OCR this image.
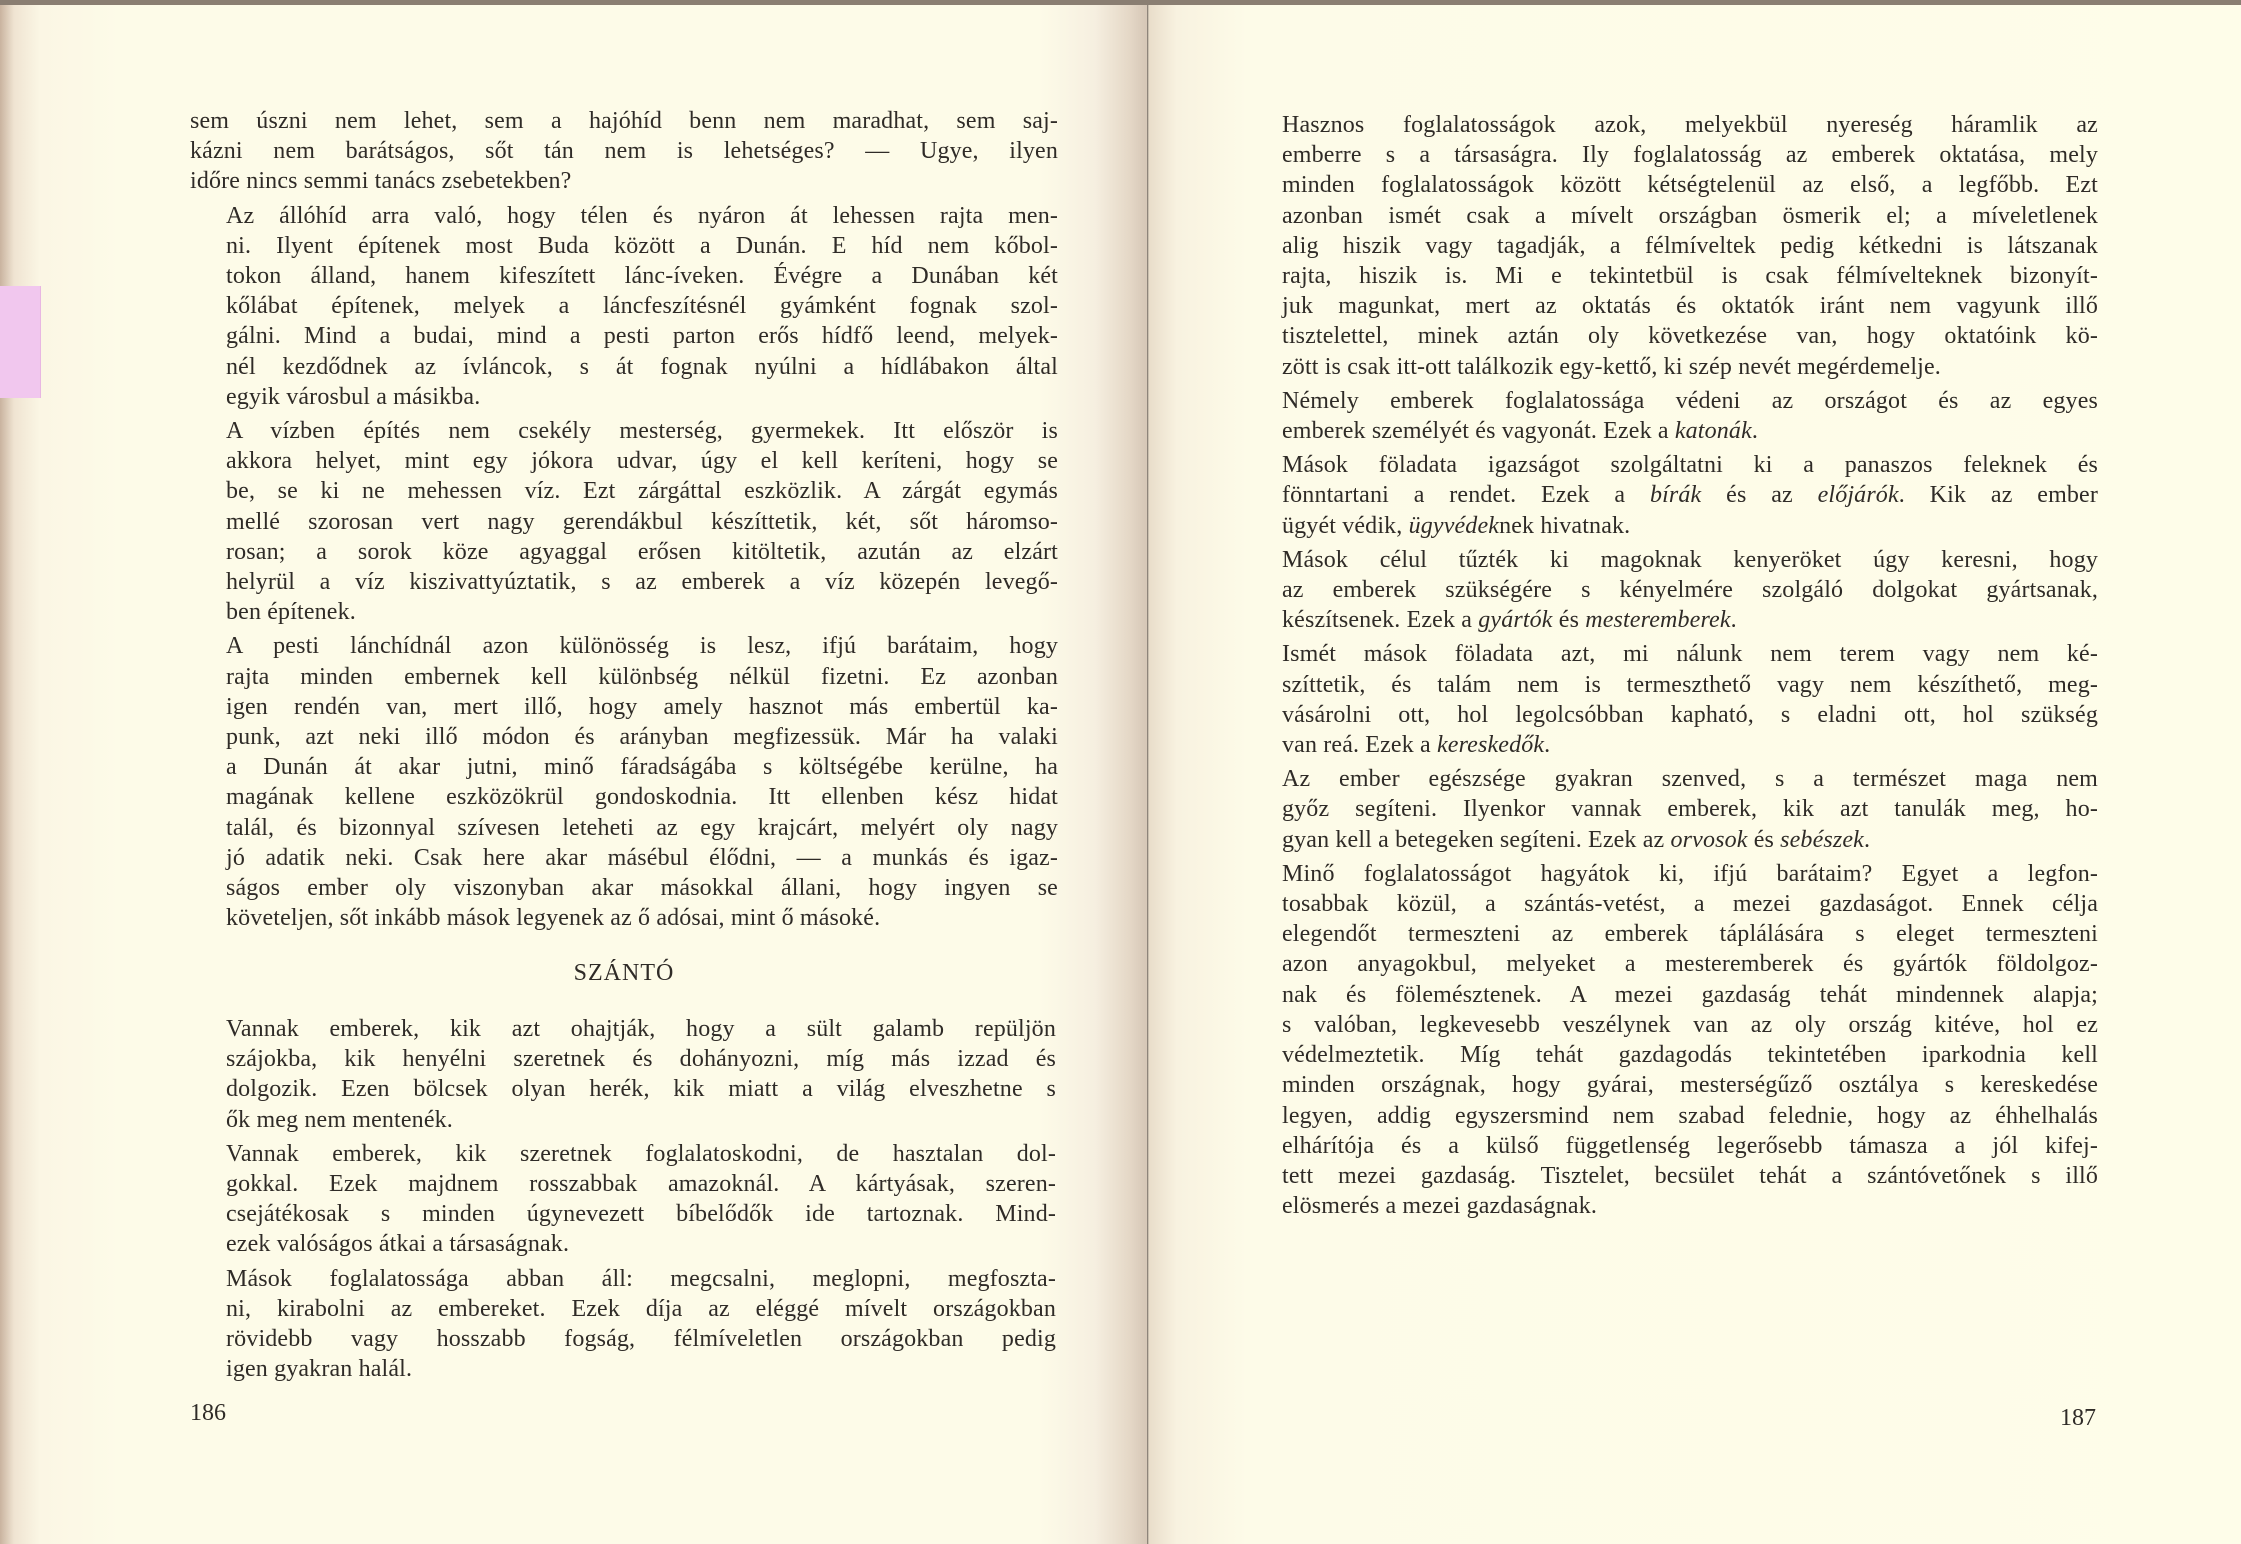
sem úszni nem lehet, sem a hajóhíd benn nem maradhat, sem saj-
kázni nem barátságos, sőt tán nem is lehetséges? — Ugye, ilyen
időre nincs semmi tanács zsebetekben?

Az állóhíd arra való, hogy télen és nyáron át lehessen rajta men-
ni. Ilyent építenek most Buda között a Dunán. E híd nem kőbol-
tokon álland, hanem kifeszített lánc-íveken. Évégre a Dunában két
kőlábat építenek, melyek a láncfeszítésnél gyámként fognak szol-
gálni. Mind a budai, mind a pesti parton erős hídfő leend, melyek-
nél kezdődnek az ívláncok, s át fognak nyúlni a hídlábakon által
egyik városbul a másikba.

A vízben építés nem csekély mesterség, gyermekek. Itt először is
akkora helyet, mint egy jókora udvar, úgy el kell keríteni, hogy se
be, se ki ne mehessen víz. Ezt zárgáttal eszközlik. A zárgát egymás
mellé szorosan vert nagy gerendákbul készíttetik, két, sőt háromso-
rosan; a sorok köze agyaggal erősen kitöltetik, azután az elzárt
helyrül a víz kiszivattyúztatik, s az emberek a víz közepén levegő-
ben építenek.

A pesti lánchídnál azon különösség is lesz, ifjú barátaim, hogy
rajta minden embernek kell különbség nélkül fizetni. Ez azonban
igen rendén van, mert illő, hogy amely hasznot más embertül ka-
punk, azt neki illő módon és arányban megfizessük. Már ha valaki
a Dunán át akar jutni, minő fáradságába s költségébe kerülne, ha
magának kellene eszközökrül gondoskodnia. Itt ellenben kész hidat
talál, és bizonnyal szívesen leteheti az egy krajcárt, melyért oly nagy
jó adatik neki. Csak here akar másébul élődni, — a munkás és igaz-
ságos ember oly viszonyban akar másokkal állani, hogy ingyen se
követeljen, sőt inkább mások legyenek az ő adósai, mint ő másoké.

SZÁNTÓ

Vannak emberek, kik azt ohajtják, hogy a sült galamb repüljön
szájokba, kik henyélni szeretnek és dohányozni, míg más izzad és
dolgozik. Ezen bölcsek olyan herék, kik miatt a világ elveszhetne s
ők meg nem mentenék.

Vannak emberek, kik szeretnek foglalatoskodni, de hasztalan dol-
gokkal. Ezek majdnem rosszabbak amazoknál. A kártyásak, szeren-
csejátékosak s minden úgynevezett bíbelődők ide tartoznak. Mind-
ezek valóságos átkai a társaságnak.

Mások foglalatossága abban áll: megcsalni, meglopni, megfoszta-
ni, kirabolni az embereket. Ezek díja az eléggé mívelt országokban
rövidebb vagy hosszabb fogság, félmíveletlen országokban pedig
igen gyakran halál.

186

Hasznos foglalatosságok azok, melyekbül nyereség háramlik az
emberre s a társaságra. Ily foglalatosság az emberek oktatása, mely
minden foglalatosságok között kétségtelenül az első, a legfőbb. Ezt
azonban ismét csak a mívelt országban ösmerik el; a míveletlenek
alig hiszik vagy tagadják, a félmíveltek pedig kétkedni is látszanak
rajta, hiszik is. Mi e tekintetbül is csak félmívelteknek bizonyít-
juk magunkat, mert az oktatás és oktatók iránt nem vagyunk illő
tisztelettel, minek aztán oly következése van, hogy oktatóink kö-
zött is csak itt-ott találkozik egy-kettő, ki szép nevét megérdemelje.

Némely emberek foglalatossága védeni az országot és az egyes
emberek személyét és vagyonát. Ezek a katonák.

Mások föladata igazságot szolgáltatni ki a panaszos feleknek és
fönntartani a rendet. Ezek a bírák és az előjárók. Kik az ember
ügyét védik, ügyvédeknek hivatnak.

Mások célul tűzték ki magoknak kenyeröket úgy keresni, hogy
az emberek szükségére s kényelmére szolgáló dolgokat gyártsanak,
készítsenek. Ezek a gyártók és mesteremberek.

Ismét mások föladata azt, mi nálunk nem terem vagy nem ké-
szíttetik, és talám nem is termeszthető vagy nem készíthető, meg-
vásárolni ott, hol legolcsóbban kapható, s eladni ott, hol szükség
van reá. Ezek a kereskedők.

Az ember egészsége gyakran szenved, s a természet maga nem
győz segíteni. Ilyenkor vannak emberek, kik azt tanulák meg, ho-
gyan kell a betegeken segíteni. Ezek az orvosok és sebészek.

Minő foglalatosságot hagyátok ki, ifjú barátaim? Egyet a legfon-
tosabbak közül, a szántás-vetést, a mezei gazdaságot. Ennek célja
elegendőt termeszteni az emberek táplálására s eleget termeszteni
azon anyagokbul, melyeket a mesteremberek és gyártók földolgoz-
nak és fölemésztenek. A mezei gazdaság tehát mindennek alapja;
s valóban, legkevesebb veszélynek van az oly ország kitéve, hol ez
védelmeztetik. Míg tehát gazdagodás tekintetében iparkodnia kell
minden országnak, hogy gyárai, mesterségűző osztálya s kereskedése
legyen, addig egyszersmind nem szabad felednie, hogy az éhhelhalás
elhárítója és a külső függetlenség legerősebb támasza a jól kifej-
tett mezei gazdaság. Tisztelet, becsület tehát a szántóvetőnek s illő
elösmerés a mezei gazdaságnak.

187
